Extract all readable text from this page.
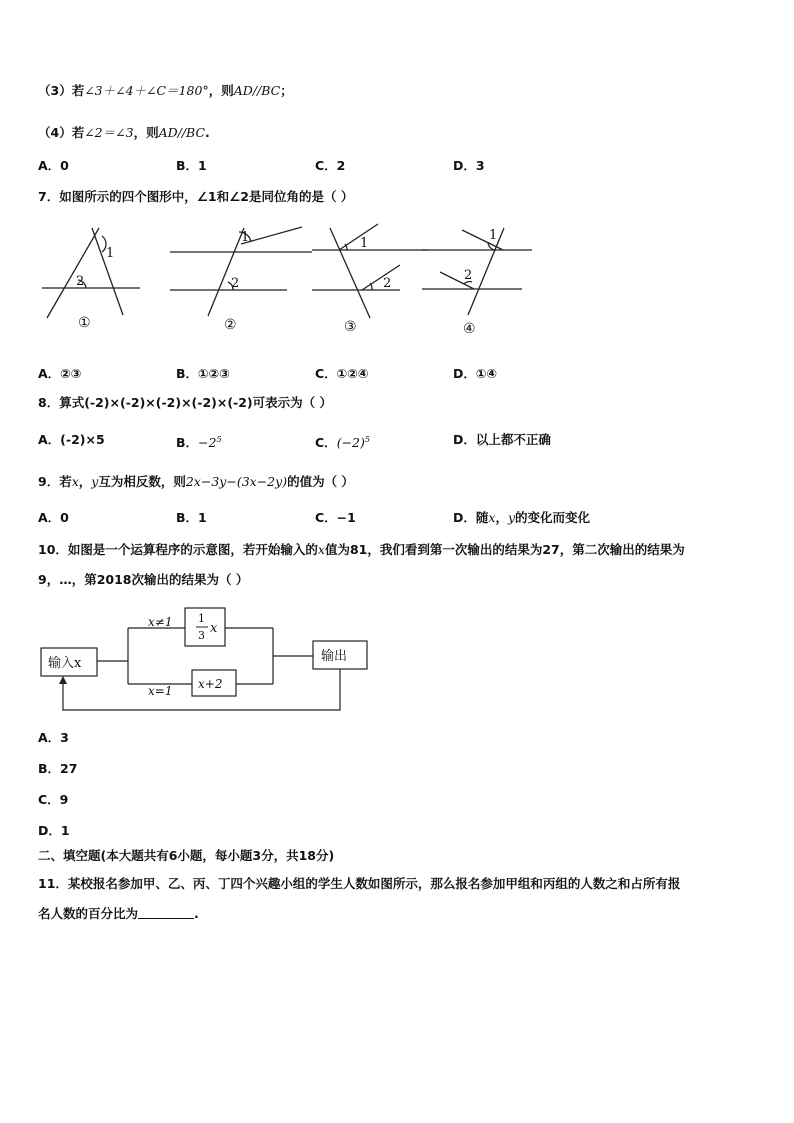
（3）若∠3＋∠4＋∠C＝180°，则AD//BC；
（4）若∠2＝∠3，则AD//BC.
A．0	B．1	C．2	D．3
7．如图所示的四个图形中，∠1和∠2是同位角的是（ ）
1
2
1
2
1
2
1
2
①	②	③	④
A．②③	B．①②③	C．①②④	D．①④
8．算式(-2)×(-2)×(-2)×(-2)×(-2)可表示为（ ）
A．(-2)×5	B．$-2^5$	C．$(-2)^5$	D．以上都不正确
9．若x，y互为相反数，则2x−3y−(3x−2y)的值为（ ）
A．0	B．1	C．−1	D．随x，y的变化而变化
10．如图是一个运算程序的示意图，若开始输入的x值为81，我们看到第一次输出的结果为27，第二次输出的结果为
9，…，第2018次输出的结果为（ ）
输入x	输出
x≠1
x=1
1
3 x
x+2
A．3
B．27
C．9
D．1
二、填空题(本大题共有6小题，每小题3分，共18分)
11．某校报名参加甲、乙、丙、丁四个兴趣小组的学生人数如图所示，那么报名参加甲组和丙组的人数之和占所有报
名人数的百分比为	.
